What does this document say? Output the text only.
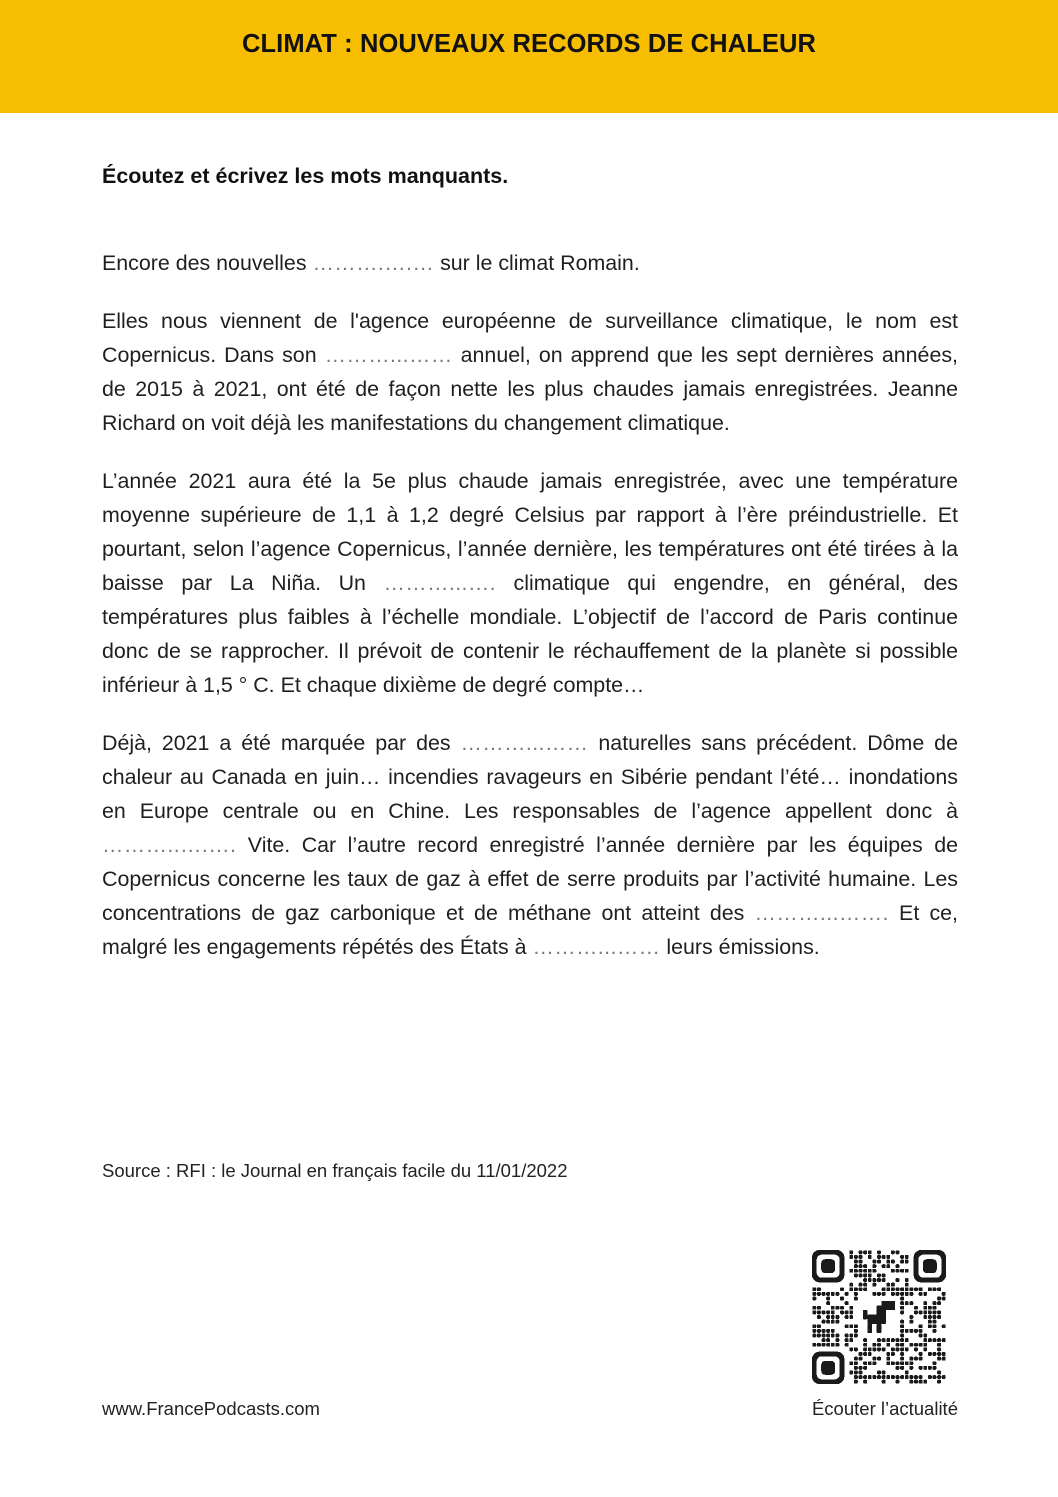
CLIMAT : NOUVEAUX RECORDS DE CHALEUR

Écoutez et écrivez les mots manquants.

Encore des nouvelles ……….….… sur le climat Romain.

Elles nous viennent de l'agence européenne de surveillance climatique, le nom est Copernicus. Dans son ………...…… annuel, on apprend que les sept dernières années, de 2015 à 2021, ont été de façon nette les plus chaudes jamais enregistrées. Jeanne Richard on voit déjà les manifestations du changement climatique.

L’année 2021 aura été la 5e plus chaude jamais enregistrée, avec une température moyenne supérieure de 1,1 à 1,2 degré Celsius par rapport à l’ère préindustrielle. Et pourtant, selon l’agence Copernicus, l’année dernière, les températures ont été tirées à la baisse par La Niña. Un ………...…. climatique qui engendre, en général, des températures plus faibles à l’échelle mondiale. L’objectif de l’accord de Paris continue donc de se rapprocher. Il prévoit de contenir le réchauffement de la planète si possible inférieur à 1,5 ° C. Et chaque dixième de degré compte…

Déjà, 2021 a été marquée par des ………...…… naturelles sans précédent. Dôme de chaleur au Canada en juin… incendies ravageurs en Sibérie pendant l’été… inondations en Europe centrale ou en Chine. Les responsables de l’agence appellent donc à ………..….…. Vite. Car l’autre record enregistré l’année dernière par les équipes de Copernicus concerne les taux de gaz à effet de serre produits par l’activité humaine. Les concentrations de gaz carbonique et de méthane ont atteint des ………...……. Et ce, malgré les engagements répétés des États à ………...…… leurs émissions.

Source : RFI : le Journal en français facile du 11/01/2022
www.FrancePodcasts.com	Écouter l’actualité
